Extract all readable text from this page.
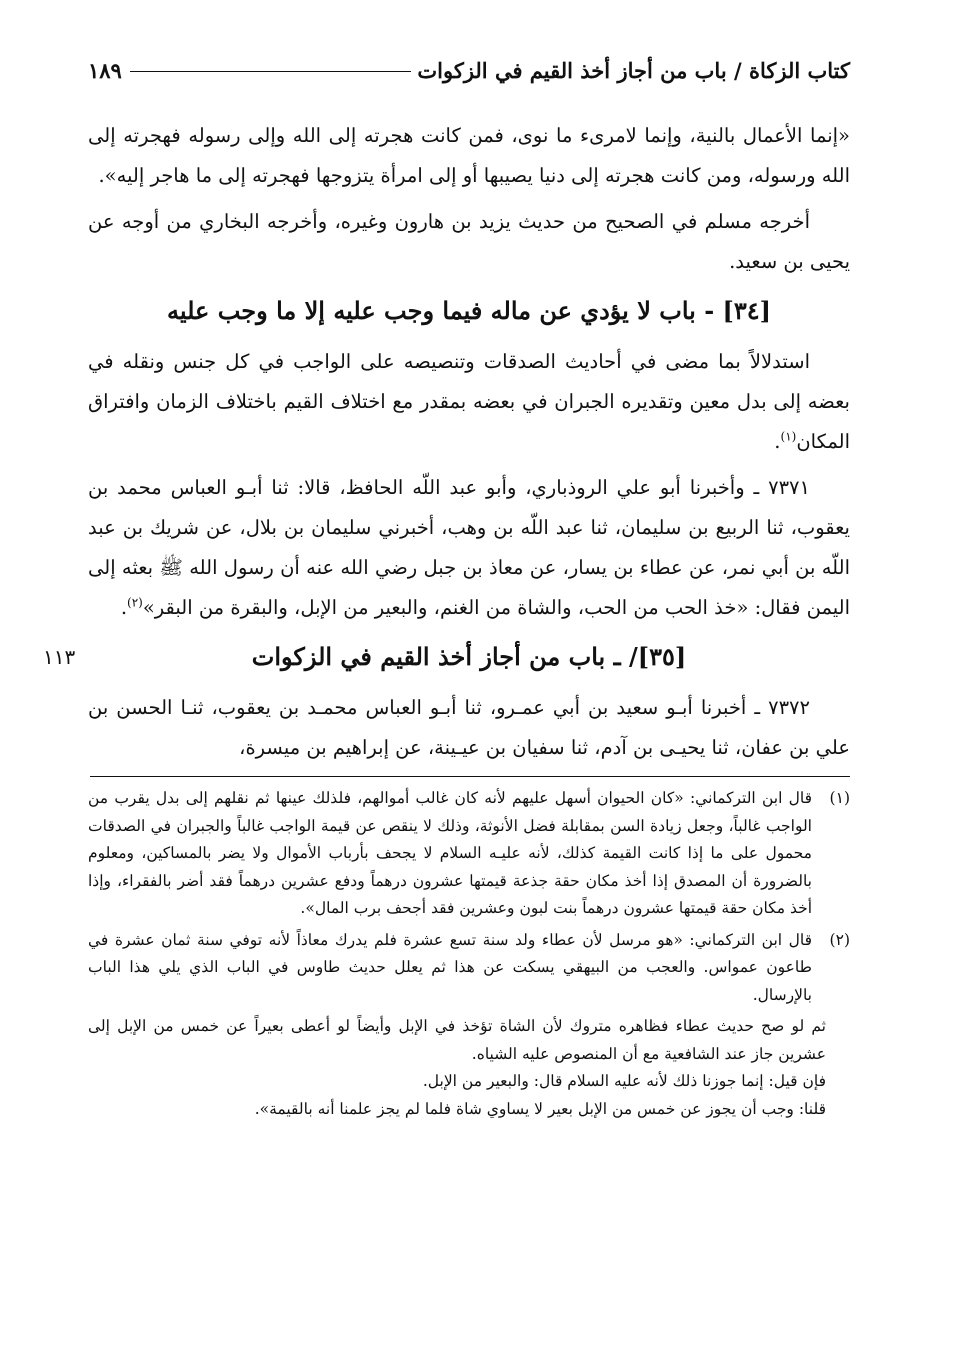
كتاب الزكاة / باب من أجاز أخذ القيم في الزكوات
١٨٩

«إنما الأعمال بالنية، وإنما لامرىء ما نوى، فمن كانت هجرته إلى الله وإلى رسوله فهجرته إلى الله ورسوله، ومن كانت هجرته إلى دنيا يصيبها أو إلى امرأة يتزوجها فهجرته إلى ما هاجر إليه».

أخرجه مسلم في الصحيح من حديث يزيد بن هارون وغيره، وأخرجه البخاري من أوجه عن يحيى بن سعيد.

[٣٤] - باب لا يؤدي عن ماله فيما وجب عليه إلا ما وجب عليه

استدلالاً بما مضى في أحاديث الصدقات وتنصيصه على الواجب في كل جنس ونقله في بعضه إلى بدل معين وتقديره الجبران في بعضه بمقدر مع اختلاف القيم باختلاف الزمان وافتراق المكان$^{(١)}$.

٧٣٧١ ـ وأخبرنا أبو علي الروذباري، وأبو عبد اللّه الحافظ، قالا: ثنا أبـو العباس محمد بن يعقوب، ثنا الربيع بن سليمان، ثنا عبد اللّه بن وهب، أخبرني سليمان بن بلال، عن شريك بن عبد اللّه بن أبي نمر، عن عطاء بن يسار، عن معاذ بن جبل رضي الله عنه أن رسول الله ﷺ بعثه إلى اليمن فقال: «خذ الحب من الحب، والشاة من الغنم، والبعير من الإبل، والبقرة من البقر»$^{(٢)}$.

[٣٥]/ ـ باب من أجاز أخذ القيم في الزكوات
١١٣

٧٣٧٢ ـ أخبرنا أبـو سعيد بن أبي عمـرو، ثنا أبـو العباس محمـد بن يعقوب، ثنـا الحسن بن علي بن عفان، ثنا يحيـى بن آدم، ثنا سفيان بن عيـينة، عن إبراهيم بن ميسرة،

(١)
قال ابن التركماني: «كان الحيوان أسهل عليهم لأنه كان غالب أموالهم، فلذلك عينها ثم نقلهم إلى بدل يقرب من الواجب غالباً، وجعل زيادة السن بمقابلة فضل الأنوثة، وذلك لا ينقص عن قيمة الواجب غالباً والجبران في الصدقات محمول على ما إذا كانت القيمة كذلك، لأنه عليـه السلام لا يجحف بأرباب الأموال ولا يضر بالمساكين، ومعلوم بالضرورة أن المصدق إذا أخذ مكان حقة جذعة قيمتها عشرون درهماً ودفع عشرين درهماً فقد أضر بالفقراء، وإذا أخذ مكان حقة قيمتها عشرون درهماً بنت لبون وعشرين فقد أجحف برب المال».
(٢)
قال ابن التركماني: «هو مرسل لأن عطاء ولد سنة تسع عشرة فلم يدرك معاذاً لأنه توفي سنة ثمان عشرة في طاعون عمواس. والعجب من البيهقي يسكت عن هذا ثم يعلل حديث طاوس في الباب الذي يلي هذا الباب بالإرسال.

ثم لو صح حديث عطاء فظاهره متروك لأن الشاة تؤخذ في الإبل وأيضاً لو أعطى بعيراً عن خمس من الإبل إلى عشرين جاز عند الشافعية مع أن المنصوص عليه الشياه.

فإن قيل: إنما جوزنا ذلك لأنه عليه السلام قال: والبعير من الإبل.

قلنا: وجب أن يجوز عن خمس من الإبل بعير لا يساوي شاة فلما لم يجز علمنا أنه بالقيمة».
